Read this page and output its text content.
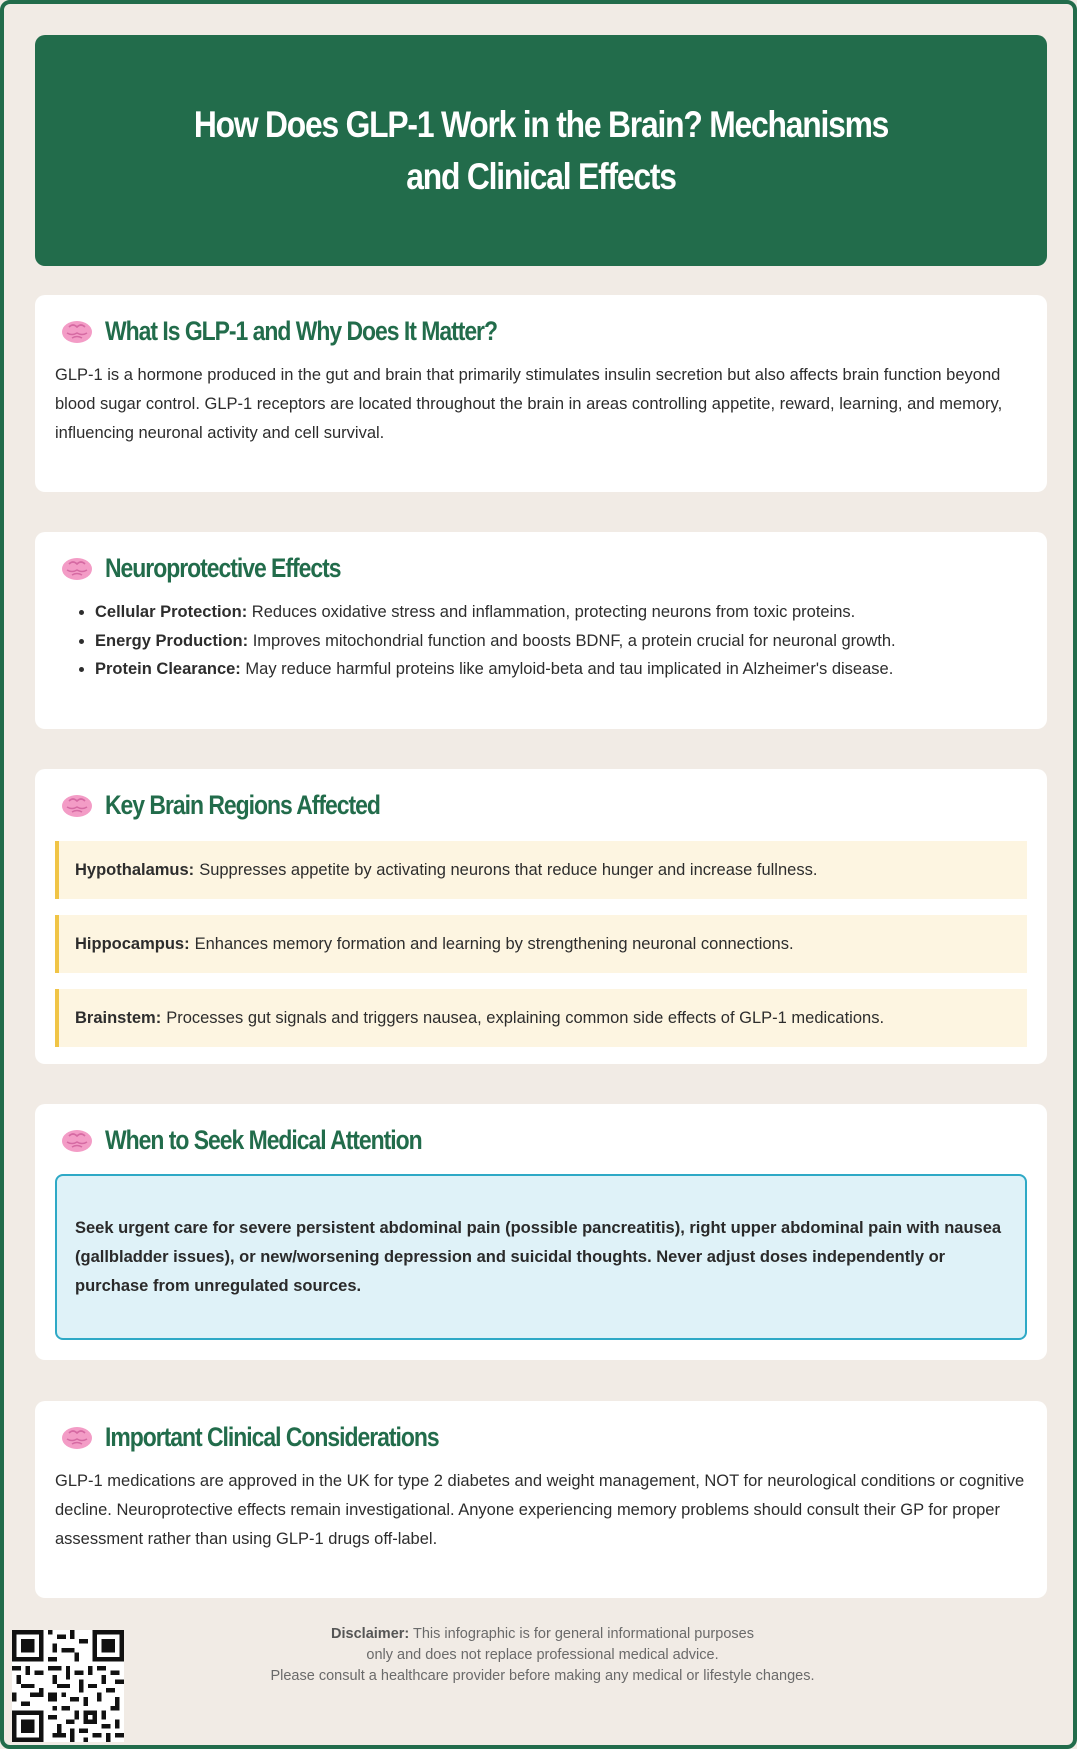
How Does GLP-1 Work in the Brain? Mechanisms and Clinical Effects
What Is GLP-1 and Why Does It Matter?

GLP-1 is a hormone produced in the gut and brain that primarily stimulates insulin secretion but also affects brain function beyond blood sugar control. GLP-1 receptors are located throughout the brain in areas controlling appetite, reward, learning, and memory, influencing neuronal activity and cell survival.

Neuroprotective Effects
• Cellular Protection: Reduces oxidative stress and inflammation, protecting neurons from toxic proteins.
• Energy Production: Improves mitochondrial function and boosts BDNF, a protein crucial for neuronal growth.
• Protein Clearance: May reduce harmful proteins like amyloid-beta and tau implicated in Alzheimer's disease.
Key Brain Regions Affected
Hypothalamus: Suppresses appetite by activating neurons that reduce hunger and increase fullness.
Hippocampus: Enhances memory formation and learning by strengthening neuronal connections.
Brainstem: Processes gut signals and triggers nausea, explaining common side effects of GLP-1 medications.
When to Seek Medical Attention
Seek urgent care for severe persistent abdominal pain (possible pancreatitis), right upper abdominal pain with nausea (gallbladder issues), or new/worsening depression and suicidal thoughts. Never adjust doses independently or purchase from unregulated sources.
Important Clinical Considerations

GLP-1 medications are approved in the UK for type 2 diabetes and weight management, NOT for neurological conditions or cognitive decline. Neuroprotective effects remain investigational. Anyone experiencing memory problems should consult their GP for proper assessment rather than using GLP-1 drugs off-label.

Disclaimer: This infographic is for general informational purposes
only and does not replace professional medical advice.
Please consult a healthcare provider before making any medical or lifestyle changes.
